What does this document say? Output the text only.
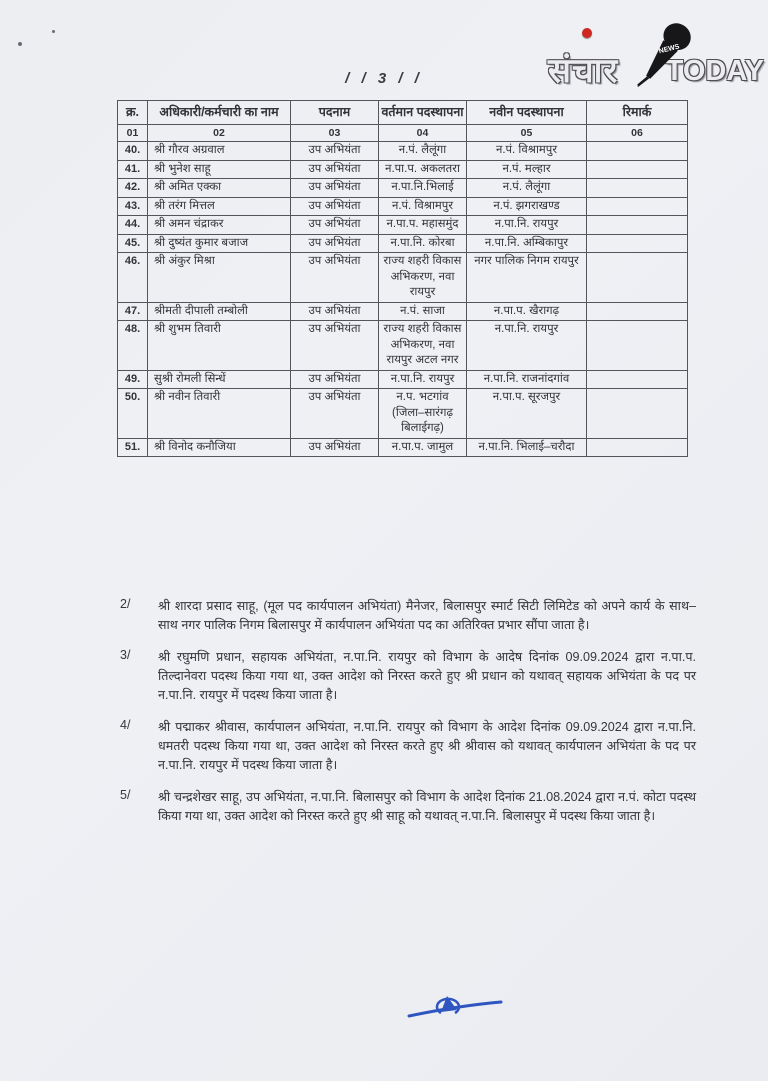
/ / 3 / /	संचार TODAY
NEWS
क्र.	अधिकारी/कर्मचारी का नाम	पदनाम	वर्तमान पदस्थापना	नवीन पदस्थापना	रिमार्क
01	02	03	04	05	06
40.	श्री गौरव अग्रवाल	उप अभियंता	न.पं. लैलूंगा	न.पं. विश्रामपुर	
41.	श्री भुनेश साहू	उप अभियंता	न.पा.प. अकलतरा	न.पं. मल्हार	
42.	श्री अमित एक्का	उप अभियंता	न.पा.नि.भिलाई	न.पं. लैलूंगा	
43.	श्री तरंग मित्तल	उप अभियंता	न.पं. विश्रामपुर	न.पं. झगराखण्ड	
44.	श्री अमन चंद्राकर	उप अभियंता	न.पा.प. महासमुंद	न.पा.नि. रायपुर	
45.	श्री दुष्यंत कुमार बजाज	उप अभियंता	न.पा.नि. कोरबा	न.पा.नि. अम्बिकापुर	
46.	श्री अंकुर मिश्रा	उप अभियंता	राज्य शहरी विकास अभिकरण, नवा रायपुर	नगर पालिक निगम रायपुर	
47.	श्रीमती दीपाली तम्बोली	उप अभियंता	न.पं. साजा	न.पा.प. खैरागढ़	
48.	श्री शुभम तिवारी	उप अभियंता	राज्य शहरी विकास अभिकरण, नवा रायपुर अटल नगर	न.पा.नि. रायपुर	
49.	सुश्री रोमली सिन्धें	उप अभियंता	न.पा.नि. रायपुर	न.पा.नि. राजनांदगांव	
50.	श्री नवीन तिवारी	उप अभियंता	न.प. भटगांव (जिला–सारंगढ़ बिलाईगढ़)	न.पा.प. सूरजपुर	
51.	श्री विनोद कनौजिया	उप अभियंता	न.पा.प. जामुल	न.पा.नि. भिलाई–चरौदा	
2/	श्री शारदा प्रसाद साहू, (मूल पद कार्यपालन अभियंता) मैनेजर, बिलासपुर स्मार्ट सिटी लिमिटेड को अपने कार्य के साथ–साथ नगर पालिक निगम बिलासपुर में कार्यपालन अभियंता पद का अतिरिक्त प्रभार सौंपा जाता है।
3/	श्री रघुमणि प्रधान, सहायक अभियंता, न.पा.नि. रायपुर को विभाग के आदेष दिनांक 09.09.2024 द्वारा न.पा.प. तिल्दानेवरा पदस्थ किया गया था, उक्त आदेश को निरस्त करते हुए श्री प्रधान को यथावत् सहायक अभियंता के पद पर न.पा.नि. रायपुर में पदस्थ किया जाता है।
4/	श्री पद्माकर श्रीवास, कार्यपालन अभियंता, न.पा.नि. रायपुर को विभाग के आदेश दिनांक 09.09.2024 द्वारा न.पा.नि. धमतरी पदस्थ किया गया था, उक्त आदेश को निरस्त करते हुए श्री श्रीवास को यथावत् कार्यपालन अभियंता के पद पर न.पा.नि. रायपुर में पदस्थ किया जाता है।
5/	श्री चन्द्रशेखर साहू, उप अभियंता, न.पा.नि. बिलासपुर को विभाग के आदेश दिनांक 21.08.2024 द्वारा न.पं. कोटा पदस्थ किया गया था, उक्त आदेश को निरस्त करते हुए श्री साहू को यथावत् न.पा.नि. बिलासपुर में पदस्थ किया जाता है।
